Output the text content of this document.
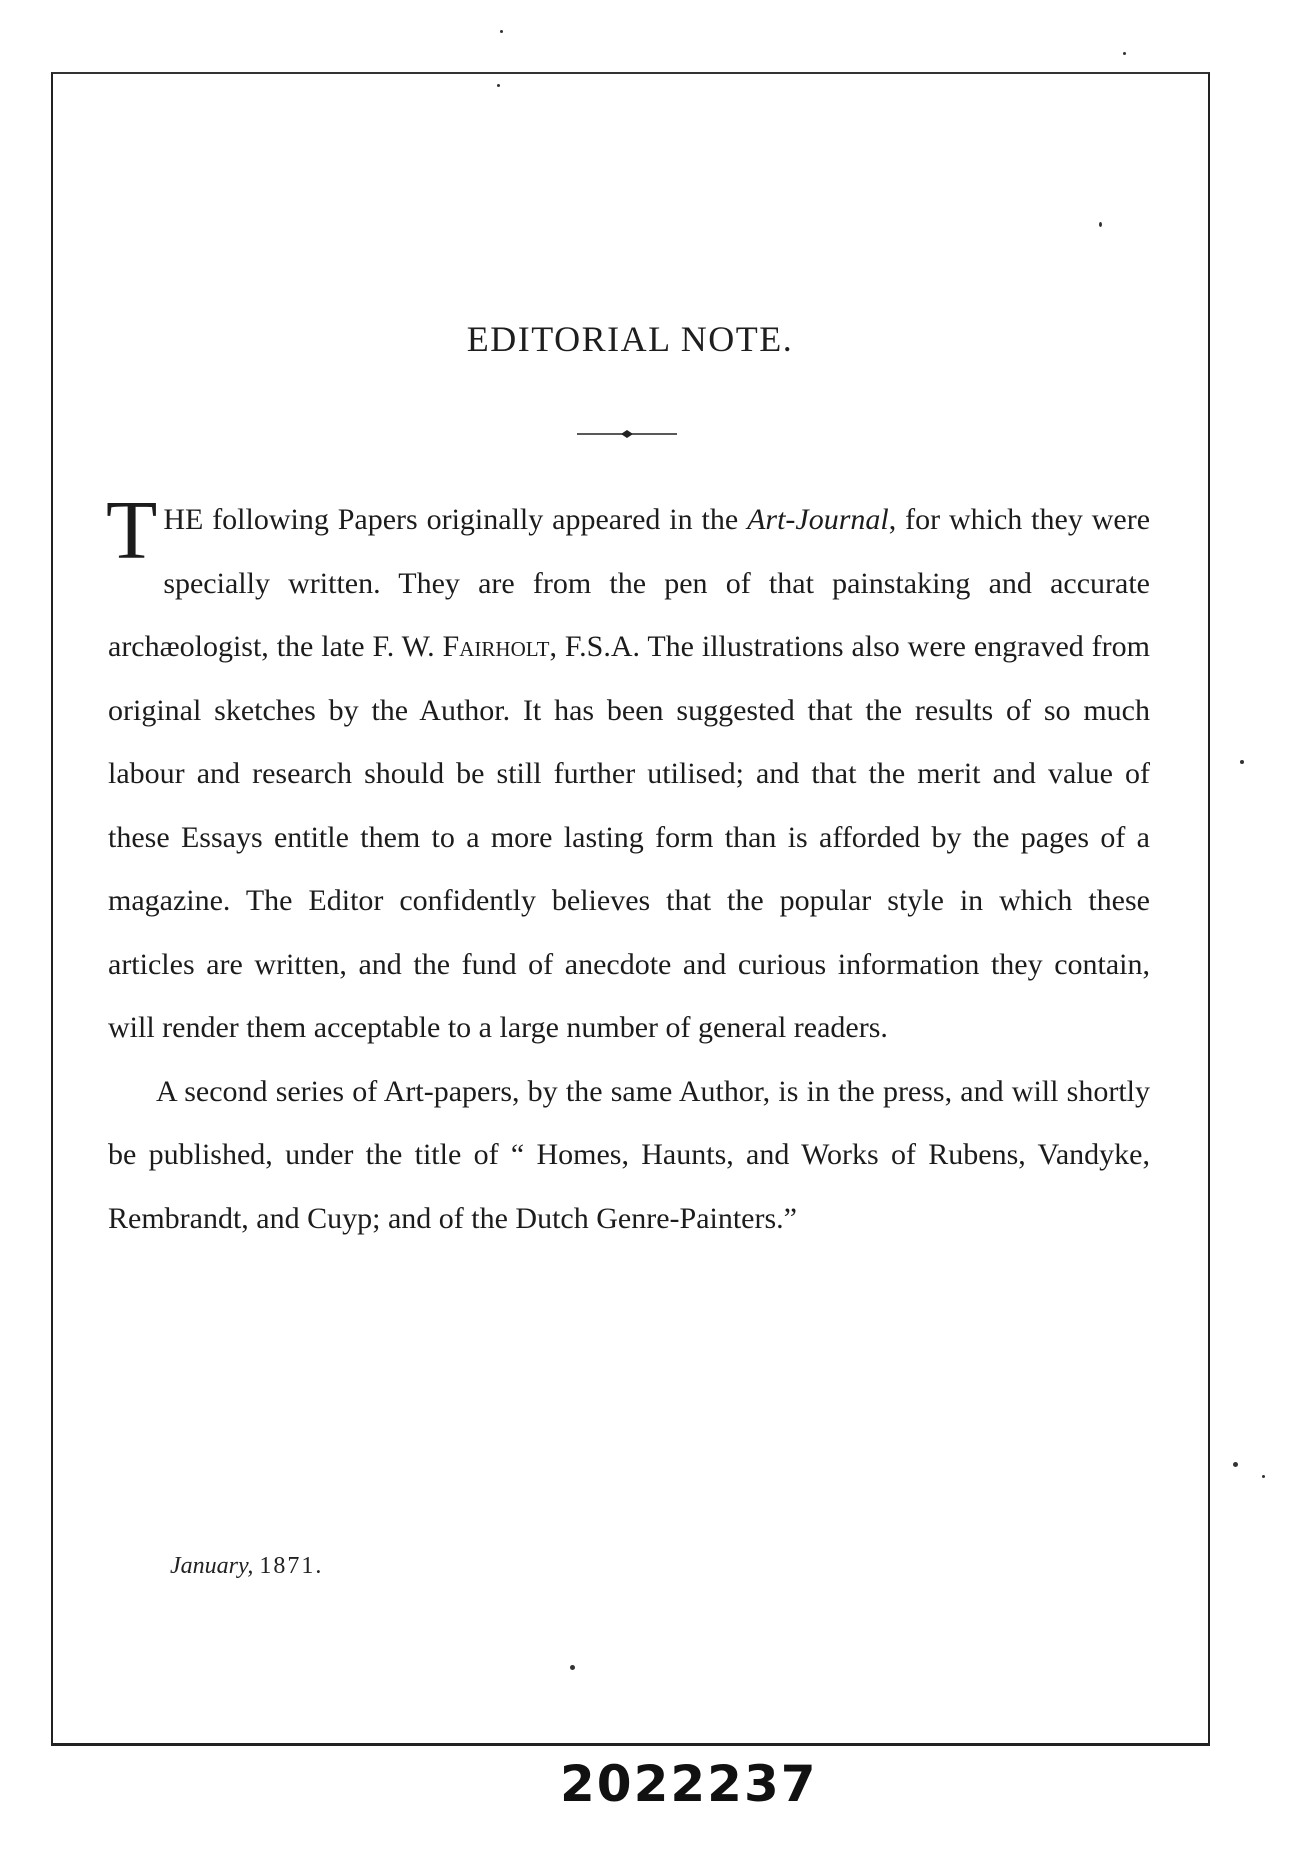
EDITORIAL NOTE.

THE following Papers originally appeared in the Art-Journal, for which they were specially written. They are from the pen of that painstaking and accurate archæologist, the late F. W. Fairholt, F.S.A. The illustrations also were engraved from original sketches by the Author. It has been suggested that the results of so much labour and research should be still further utilised; and that the merit and value of these Essays entitle them to a more lasting form than is afforded by the pages of a magazine. The Editor confidently believes that the popular style in which these articles are written, and the fund of anecdote and curious information they contain, will render them acceptable to a large number of general readers.

A second series of Art-papers, by the same Author, is in the press, and will shortly be published, under the title of “ Homes, Haunts, and Works of Rubens, Vandyke, Rembrandt, and Cuyp; and of the Dutch Genre-Painters.”

January, 1871.
2022237
